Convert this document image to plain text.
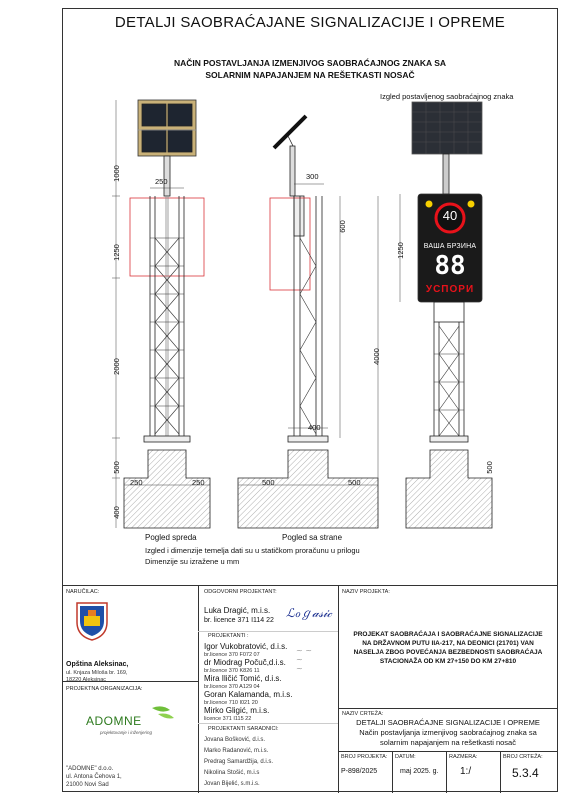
DETALJI SAOBRAĆAJANE SIGNALIZACIJE I OPREME
NAČIN POSTAVLJANJA IZMENJIVOG SAOBRAĆAJNOG ZNAKA SA
SOLARNIM NAPAJANJEM NA REŠETKASTI NOSAČ
40
ВАША БРЗИНА
88
УСПОРИ
1000
1250
2000
500
400
250
250	250	500	500
300
600
4000
1250
400
500
Pogled spreda	Pogled sa strane
Izgled postavljenog saobraćajnog znaka
Izgled i dimenzije temelja dati su u statičkom proračunu u prilogu
Dimenzije su izražene u mm
NARUČILAC:
Opština Aleksinac,
ul. Knjaza Miloša br. 169,
18220 Aleksinac
PROJEKTNA ORGANIZACIJA:
ADOMNE
projektovanje i inženjering
"ADOMNE" d.o.o.
ul. Antona Čehova 1,
21000 Novi Sad
ODGOVORNI PROJEKTANT:
Luka Dragić, m.i.s.
br. licence 371 I114 22
ℒℴℊ𝒶𝓈𝒾𝒸
PROJEKTANTI :
Igor Vukobratović, d.i.s.
br.licence 370 F072 07
dr Miodrag Počuč,d.i.s.
br.licence 370 K826 11
Mira Iličić Tomić, d.i.s.
br.licence 370 A129 04
Goran Kalamanda, m.i.s.
br.licence 710 I021 20
Mirko Gligić, m.i.s.
licence 371 I115 22
~ ~
~
~
PROJEKTANTI SARADNICI:
Jovana Bošković, d.i.s.
Marko Radanović, m.i.s.
Predrag Samardžija, d.i.s.
Nikolina Stošić, m.i.s
Jovan Bijelić, s.m.i.s.
NAZIV PROJEKTA:
PROJEKAT SAOBRAĆAJA I SAOBRAĆAJNE SIGNALIZACIJE
NA DRŽAVNOM PUTU IIA-217, NA DEONICI (21701) VAN
NASELJA ZBOG POVEĆANJA BEZBEDNOSTI SAOBRAĆAJA
STACIONAŽA OD KM 27+150 DO KM 27+810
NAZIV CRTEŽA:
DETALJI SAOBRAĆAJNE SIGNALIZACIJE I OPREME
Način postavljanja izmenjivog saobraćajnog znaka sa
solarnim napajanjem na rešetkasti nosač
BROJ PROJEKTA:
P-898/2025
DATUM:
maj 2025. g.
RAZMERA:
1:/
BROJ CRTEŽA:
5.3.4
